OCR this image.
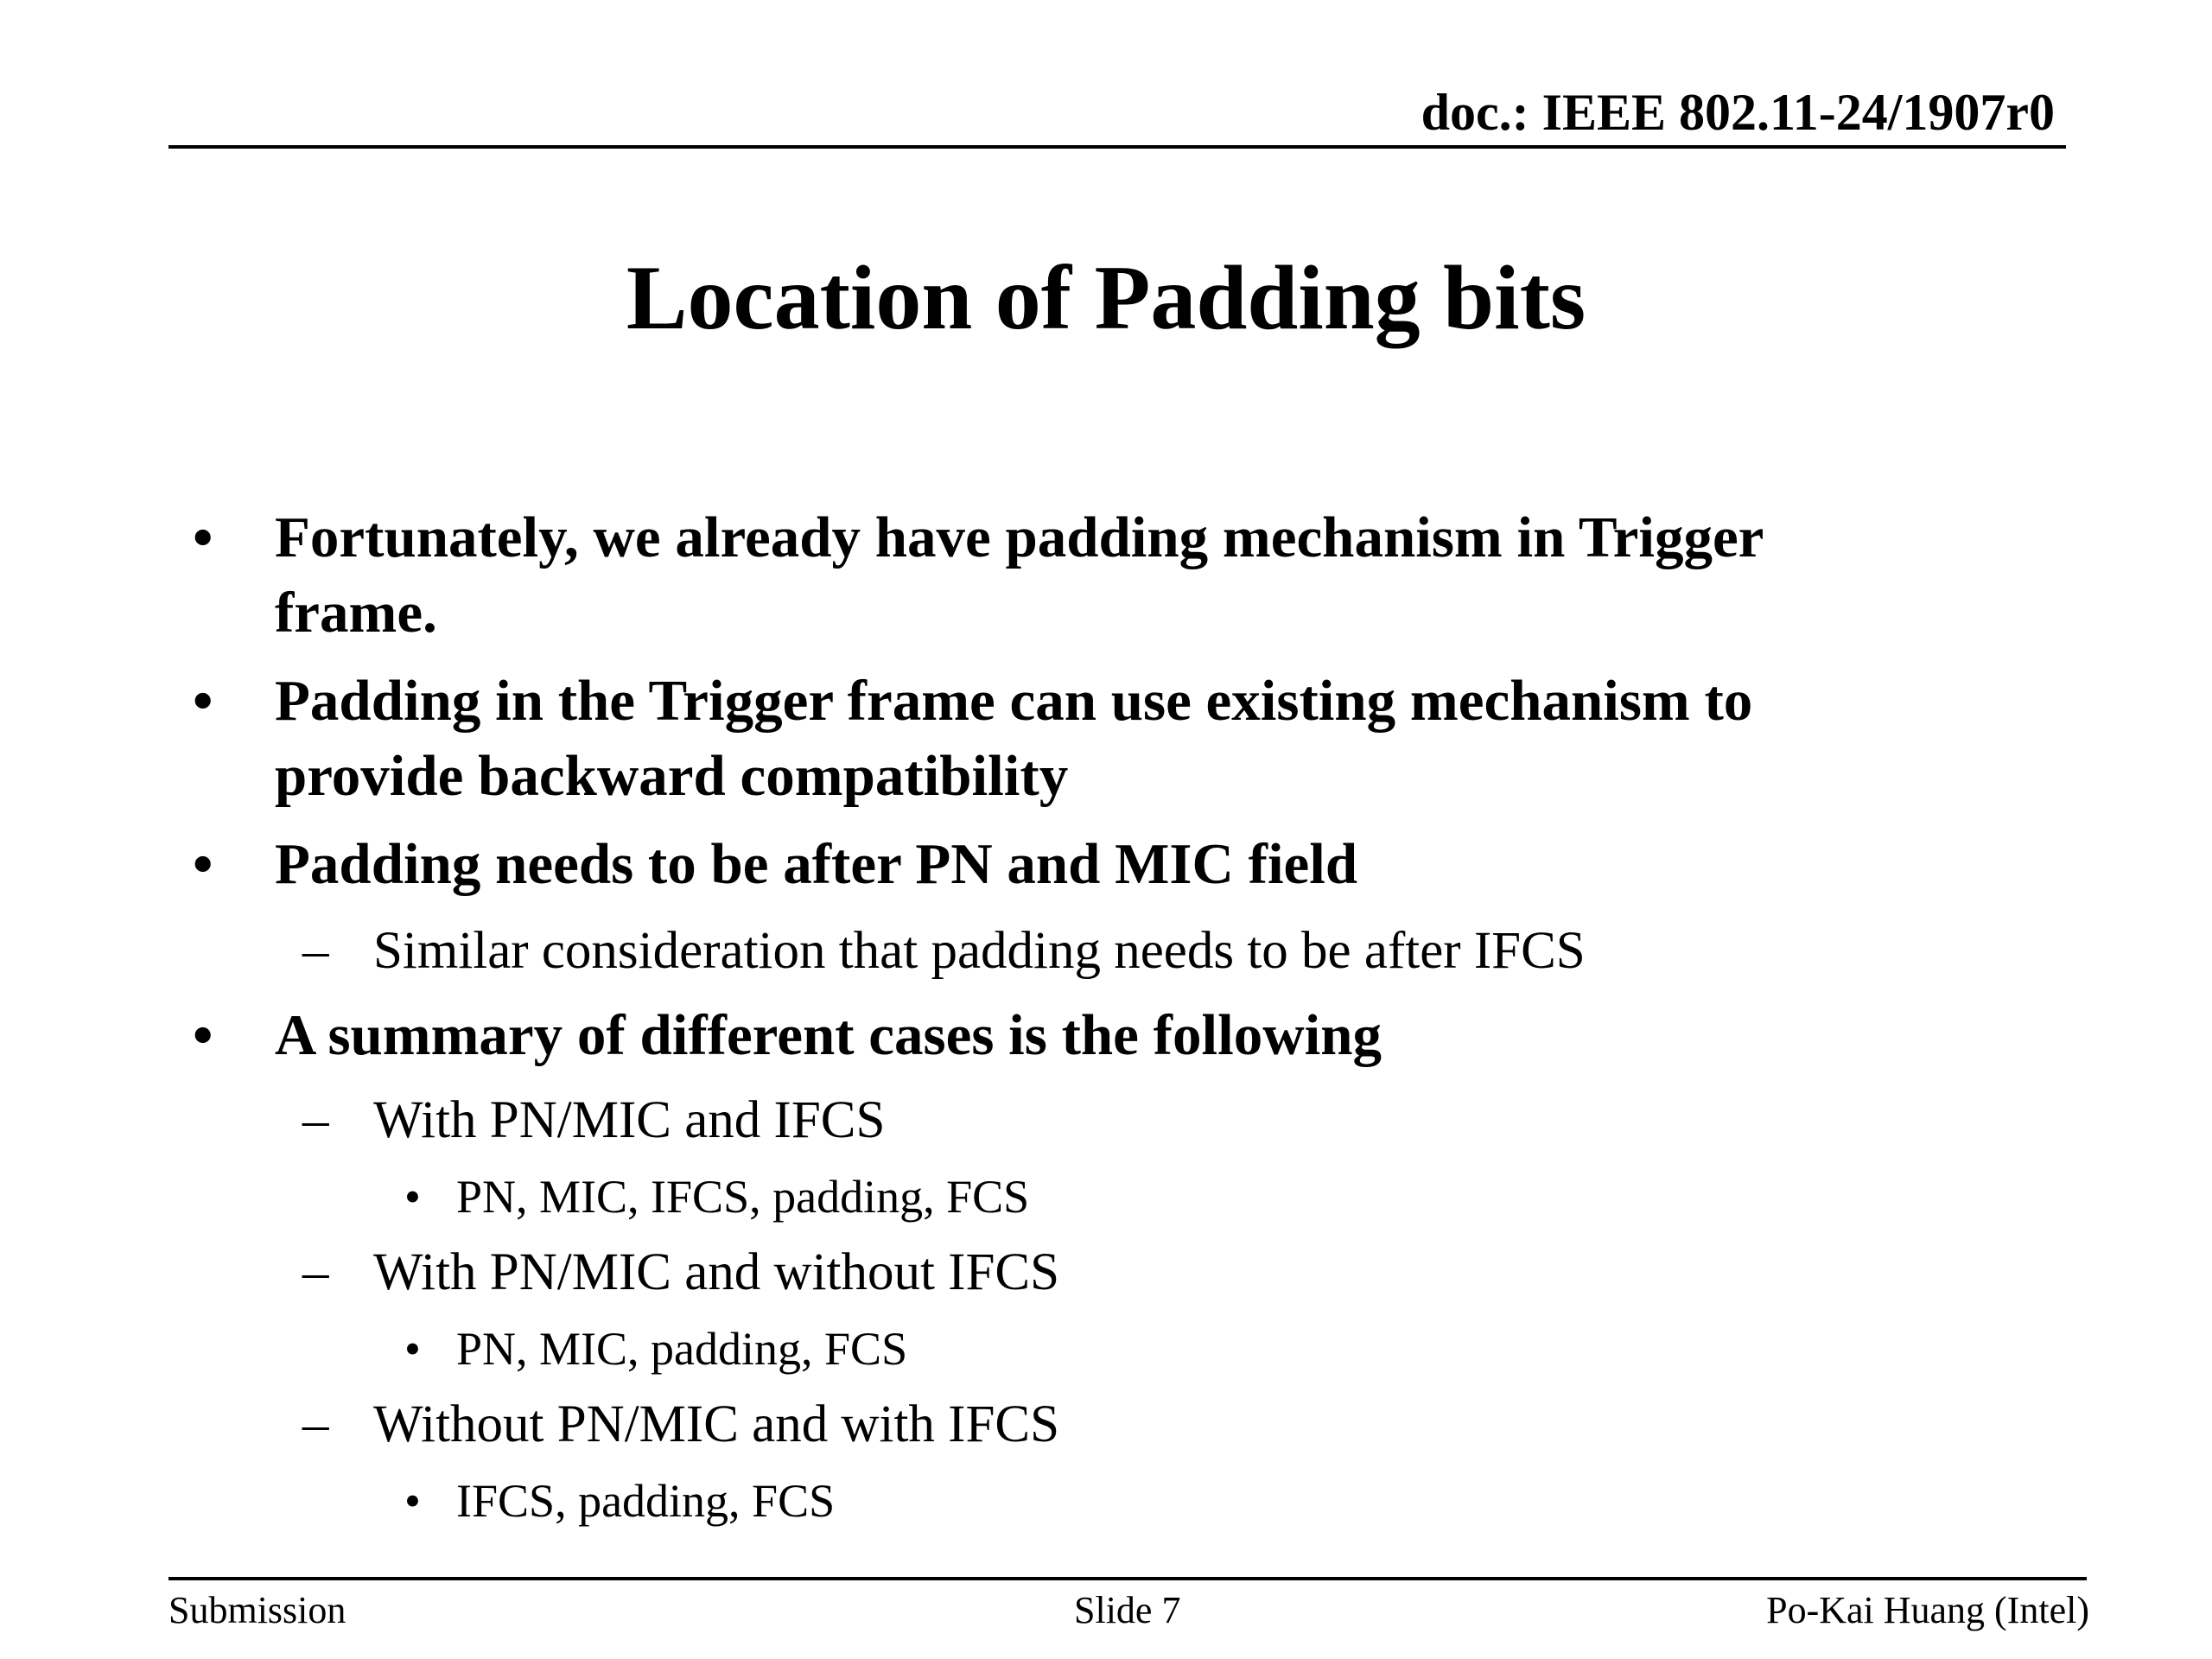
doc.: IEEE 802.11-24/1907r0
Location of Padding bits
• Fortunately, we already have padding mechanism in Trigger
frame.
• Padding in the Trigger frame can use existing mechanism to
provide backward compatibility
• Padding needs to be after PN and MIC field
– Similar consideration that padding needs to be after IFCS
• A summary of different cases is the following
– With PN/MIC and IFCS
• PN, MIC, IFCS, padding, FCS
– With PN/MIC and without IFCS
• PN, MIC, padding, FCS
– Without PN/MIC and with IFCS
• IFCS, padding, FCS
Submission	Slide 7	Po-Kai Huang (Intel)
